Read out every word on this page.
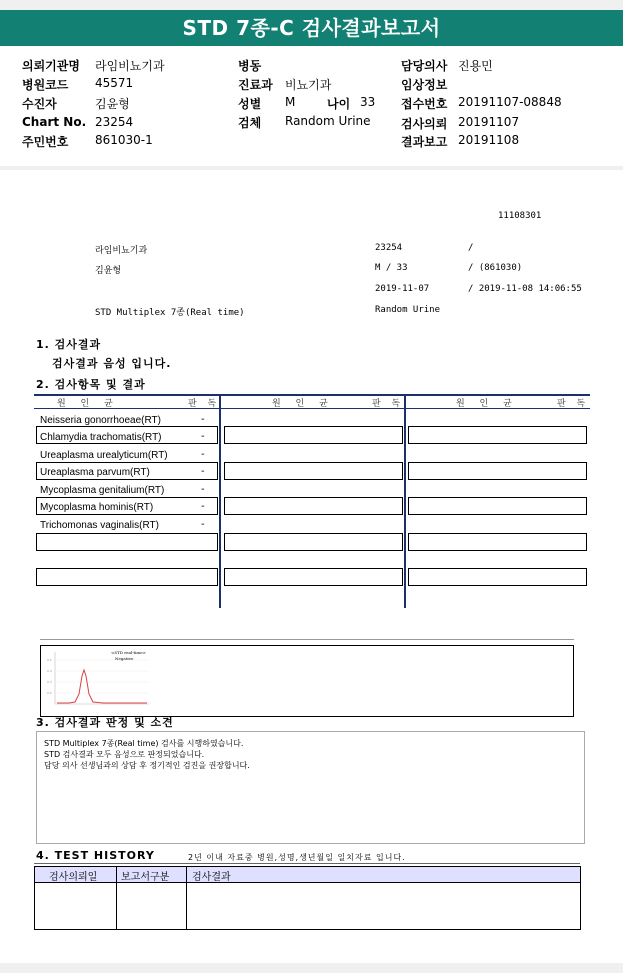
STD 7종-C 검사결과보고서
의뢰기관명 라임비뇨기과
병원코드 45571
수진자	김윤형
Chart No. 23254
주민번호 861030-1
병동
진료과 비뇨기과
성별 M	나이 33
검체 Random Urine
담당의사 진용민
임상정보
접수번호 20191107-08848
검사의뢰 20191107
결과보고 20191108
11108301
라임비뇨기과	23254	/
김윤형	M / 33	/ (861030)
2019-11-07	/ 2019-11-08 14:06:55
STD Multiplex 7종(Real time)	Random Urine
1. 검사결과
검사결과 음성 입니다.
2. 검사항목 및 결과
원 인 균	판 독	원 인 균	판 독	원 인 균	판 독
Neisseria gonorrhoeae(RT)	-
Chlamydia trachomatis(RT)	-
Ureaplasma urealyticum(RT)	-
Ureaplasma parvum(RT)	-
Mycoplasma genitalium(RT)	-
Mycoplasma hominis(RT)	-
Trichomonas vaginalis(RT)	-
0.5
0.4
0.3
0.2
<STD real-time>
Negative
3. 검사결과 판정 및 소견
STD Multiplex 7종(Real time) 검사를 시행하였습니다.
STD 검사결과 모두 음성으로 판정되었습니다.
담당 의사 선생님과의 상담 후 정기적인 검진을 권장합니다.
4. TEST HISTORY	2년 이내 자료중 병원,성명,생년월일 일치자료 입니다.
검사의뢰일 보고서구분 검사결과
